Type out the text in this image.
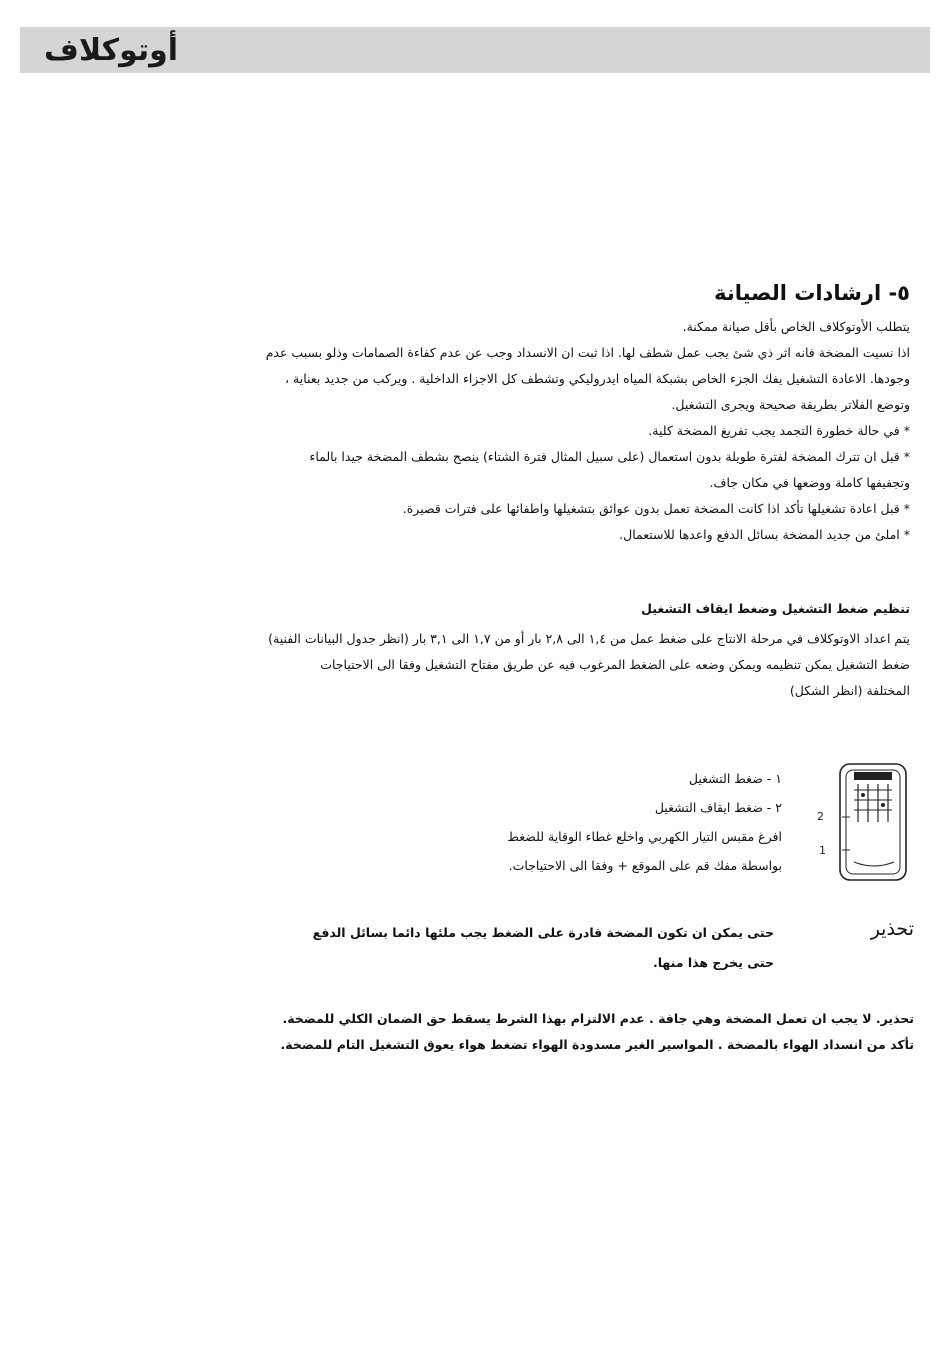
أوتوكلاف
٥- ارشادات الصيانة
يتطلب الأوتوكلاف الخاص بأقل صيانة ممكنة.
اذا نسيت المضخة فانه اثر ذي شئ يجب عمل شطف لها. اذا ثبت ان الانسداد وجب عن عدم كفاءة الصمامات وذلو بسبب عدم
وجودها. الاعادة التشغيل يفك الجزء الخاص بشبكة المياه ايدروليكي وتشطف كل الاجزاء الداخلية . ويركب من جديد بعناية ،
وتوضع الفلاتر بطريقة صحيحة ويجرى التشغيل.
* في حالة خطورة التجمد يجب تفريغ المضخة كلية.
* قبل ان تترك المضخة لفترة طويلة بدون استعمال (على سبيل المثال فترة الشتاء) ينصح بشطف المضخة جيدا بالماء
وتجفيفها كاملة ووضعها في مكان جاف.
* قبل اعادة تشغيلها تأكد اذا كانت المضخة تعمل بدون عوائق بتشغيلها واطفائها على فترات قصيرة.
* املئ من جديد المضخة بسائل الدفع واعدها للاستعمال.
تنظيم ضغط التشغيل وضغط ايقاف التشغيل
يتم اعداد الاوتوكلاف في مرحلة الانتاج على ضغط عمل من ١,٤ الى ٢,٨ بار أو من ١,٧ الى ٣,١ بار (انظر جدول البيانات الفنية)
ضغط التشغيل يمكن تنظيمه ويمكن وضعه على الضغط المرغوب فيه عن طريق مفتاح التشغيل وفقا الى الاحتياجات
المختلفة (انظر الشكل)
2
1
١ - ضغط التشغيل
٢ - ضغط ايقاف التشغيل
افرغ مقبس التيار الكهربي واخلع غطاء الوقاية للضغط
بواسطة مفك قم على الموقع + وفقا الى الاحتياجات.
تحذير
حتى يمكن ان تكون المضخة قادرة على الضغط يجب ملئها دائما بسائل الدفع
حتى يخرج هذا منها.
تحذير. لا يجب ان تعمل المضخة وهي جافة . عدم الالتزام بهذا الشرط يسقط حق الضمان الكلي للمضخة.
تأكد من انسداد الهواء بالمضخة . المواسير الغير مسدودة الهواء تضغط هواء يعوق التشغيل التام للمضخة.
